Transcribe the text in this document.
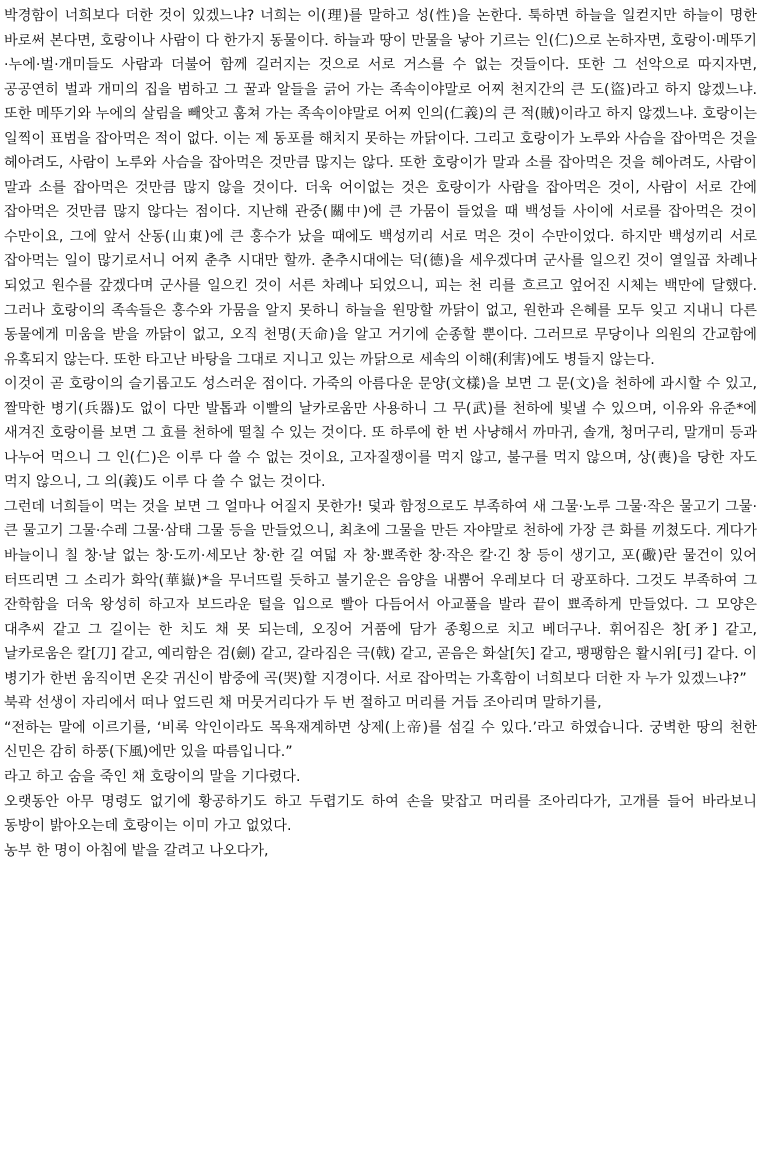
박경함이 너희보다 더한 것이 있겠느냐? 너희는 이(理)를 말하고 성(性)을 논한다. 툭하면 하늘을 일컫지만 하늘이 명한 바로써 본다면, 호랑이나 사람이 다 한가지 동물이다. 하늘과 땅이 만물을 낳아 기르는 인(仁)으로 논하자면, 호랑이·메뚜기·누에·벌·개미들도 사람과 더불어 함께 길러지는 것으로 서로 거스를 수 없는 것들이다. 또한 그 선악으로 따지자면, 공공연히 벌과 개미의 집을 범하고 그 꿀과 알들을 긁어 가는 족속이야말로 어찌 천지간의 큰 도(盜)라고 하지 않겠느냐. 또한 메뚜기와 누에의 살림을 빼앗고 훔쳐 가는 족속이야말로 어찌 인의(仁義)의 큰 적(賊)이라고 하지 않겠느냐. 호랑이는 일찍이 표범을 잡아먹은 적이 없다. 이는 제 동포를 해치지 못하는 까닭이다. 그리고 호랑이가 노루와 사슴을 잡아먹은 것을 헤아려도, 사람이 노루와 사슴을 잡아먹은 것만큼 많지는 않다. 또한 호랑이가 말과 소를 잡아먹은 것을 헤아려도, 사람이 말과 소를 잡아먹은 것만큼 많지 않을 것이다. 더욱 어이없는 것은 호랑이가 사람을 잡아먹은 것이, 사람이 서로 간에 잡아먹은 것만큼 많지 않다는 점이다. 지난해 관중(關中)에 큰 가뭄이 들었을 때 백성들 사이에 서로를 잡아먹은 것이 수만이요, 그에 앞서 산동(山東)에 큰 홍수가 났을 때에도 백성끼리 서로 먹은 것이 수만이었다. 하지만 백성끼리 서로 잡아먹는 일이 많기로서니 어찌 춘추 시대만 할까. 춘추시대에는 덕(德)을 세우겠다며 군사를 일으킨 것이 열일곱 차례나 되었고 원수를 갚겠다며 군사를 일으킨 것이 서른 차례나 되었으니, 피는 천 리를 흐르고 엎어진 시체는 백만에 달했다. 그러나 호랑이의 족속들은 홍수와 가뭄을 알지 못하니 하늘을 원망할 까닭이 없고, 원한과 은혜를 모두 잊고 지내니 다른 동물에게 미움을 받을 까닭이 없고, 오직 천명(天命)을 알고 거기에 순종할 뿐이다. 그러므로 무당이나 의원의 간교함에 유혹되지 않는다. 또한 타고난 바탕을 그대로 지니고 있는 까닭으로 세속의 이해(利害)에도 병들지 않는다.

이것이 곧 호랑이의 슬기롭고도 성스러운 점이다. 가죽의 아름다운 문양(文樣)을 보면 그 문(文)을 천하에 과시할 수 있고, 짤막한 병기(兵器)도 없이 다만 발톱과 이빨의 날카로움만 사용하니 그 무(武)를 천하에 빛낼 수 있으며, 이유와 유준*에 새겨진 호랑이를 보면 그 효를 천하에 떨칠 수 있는 것이다. 또 하루에 한 번 사냥해서 까마귀, 솔개, 청머구리, 말개미 등과 나누어 먹으니 그 인(仁)은 이루 다 쓸 수 없는 것이요, 고자질쟁이를 먹지 않고, 불구를 먹지 않으며, 상(喪)을 당한 자도 먹지 않으니, 그 의(義)도 이루 다 쓸 수 없는 것이다.

그런데 너희들이 먹는 것을 보면 그 얼마나 어질지 못한가! 덫과 함정으로도 부족하여 새 그물·노루 그물·작은 물고기 그물·큰 물고기 그물·수레 그물·삼태 그물 등을 만들었으니, 최초에 그물을 만든 자야말로 천하에 가장 큰 화를 끼쳤도다. 게다가 바늘이니 칠 창·날 없는 창·도끼·세모난 창·한 길 여덟 자 창·뾰족한 창·작은 칼·긴 창 등이 생기고, 포(礮)란 물건이 있어 터뜨리면 그 소리가 화악(華嶽)*을 무너뜨릴 듯하고 불기운은 음양을 내뿜어 우레보다 더 광포하다. 그것도 부족하여 그 잔학함을 더욱 왕성히 하고자 보드라운 털을 입으로 빨아 다듬어서 아교풀을 발라 끝이 뾰족하게 만들었다. 그 모양은 대추씨 같고 그 길이는 한 치도 채 못 되는데, 오징어 거품에 담가 종횡으로 치고 베더구나. 휘어짐은 창[矛] 같고, 날카로움은 칼[刀] 같고, 예리함은 검(劍) 같고, 갈라짐은 극(戟) 같고, 곧음은 화살[矢] 같고, 팽팽함은 활시위[弓] 같다. 이 병기가 한번 움직이면 온갖 귀신이 밤중에 곡(哭)할 지경이다. 서로 잡아먹는 가혹함이 너희보다 더한 자 누가 있겠느냐?”

북곽 선생이 자리에서 떠나 엎드린 채 머뭇거리다가 두 번 절하고 머리를 거듭 조아리며 말하기를,

“전하는 말에 이르기를, ‘비록 악인이라도 목욕재계하면 상제(上帝)를 섬길 수 있다.’라고 하였습니다. 궁벽한 땅의 천한 신민은 감히 하풍(下風)에만 있을 따름입니다.”

라고 하고 숨을 죽인 채 호랑이의 말을 기다렸다.

오랫동안 아무 명령도 없기에 황공하기도 하고 두렵기도 하여 손을 맞잡고 머리를 조아리다가, 고개를 들어 바라보니 동방이 밝아오는데 호랑이는 이미 가고 없었다.

농부 한 명이 아침에 밭을 갈려고 나오다가,
